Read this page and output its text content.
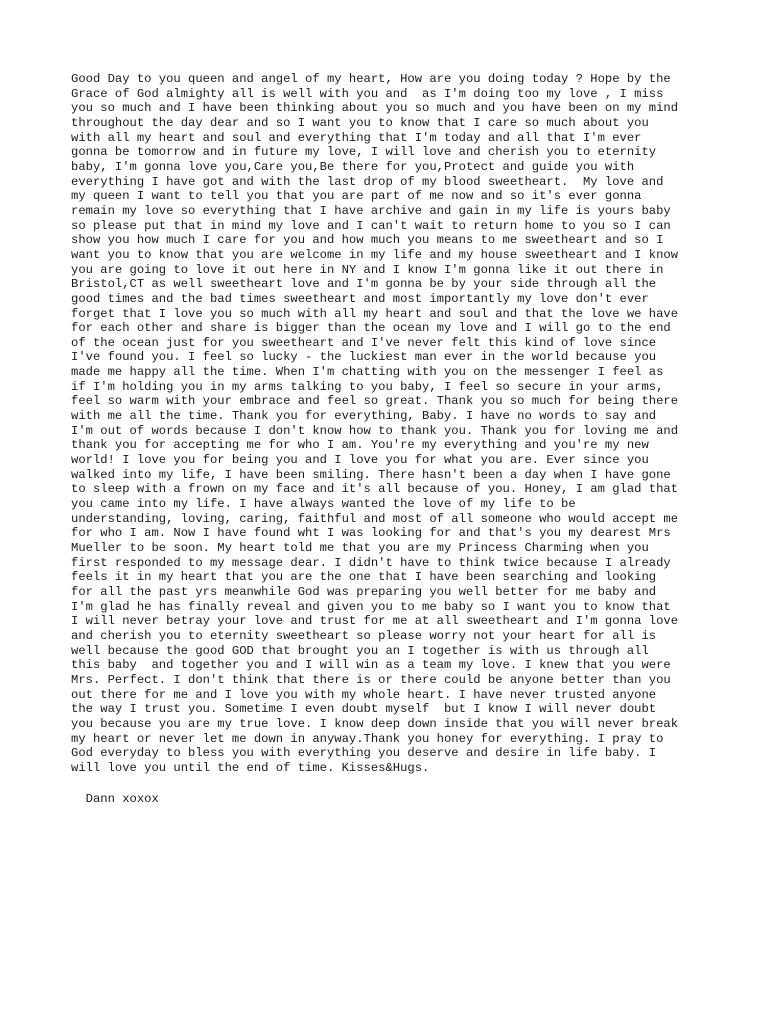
Good Day to you queen and angel of my heart, How are you doing today ? Hope by the
Grace of God almighty all is well with you and  as I'm doing too my love , I miss
you so much and I have been thinking about you so much and you have been on my mind
throughout the day dear and so I want you to know that I care so much about you
with all my heart and soul and everything that I'm today and all that I'm ever
gonna be tomorrow and in future my love, I will love and cherish you to eternity
baby, I'm gonna love you,Care you,Be there for you,Protect and guide you with
everything I have got and with the last drop of my blood sweetheart.  My love and
my queen I want to tell you that you are part of me now and so it's ever gonna
remain my love so everything that I have archive and gain in my life is yours baby
so please put that in mind my love and I can't wait to return home to you so I can
show you how much I care for you and how much you means to me sweetheart and so I
want you to know that you are welcome in my life and my house sweetheart and I know
you are going to love it out here in NY and I know I'm gonna like it out there in
Bristol,CT as well sweetheart love and I'm gonna be by your side through all the
good times and the bad times sweetheart and most importantly my love don't ever
forget that I love you so much with all my heart and soul and that the love we have
for each other and share is bigger than the ocean my love and I will go to the end
of the ocean just for you sweetheart and I've never felt this kind of love since
I've found you. I feel so lucky - the luckiest man ever in the world because you
made me happy all the time. When I'm chatting with you on the messenger I feel as
if I'm holding you in my arms talking to you baby, I feel so secure in your arms,
feel so warm with your embrace and feel so great. Thank you so much for being there
with me all the time. Thank you for everything, Baby. I have no words to say and
I'm out of words because I don't know how to thank you. Thank you for loving me and
thank you for accepting me for who I am. You're my everything and you're my new
world! I love you for being you and I love you for what you are. Ever since you
walked into my life, I have been smiling. There hasn't been a day when I have gone
to sleep with a frown on my face and it's all because of you. Honey, I am glad that
you came into my life. I have always wanted the love of my life to be
understanding, loving, caring, faithful and most of all someone who would accept me
for who I am. Now I have found wht I was looking for and that's you my dearest Mrs
Mueller to be soon. My heart told me that you are my Princess Charming when you
first responded to my message dear. I didn't have to think twice because I already
feels it in my heart that you are the one that I have been searching and looking
for all the past yrs meanwhile God was preparing you well better for me baby and
I'm glad he has finally reveal and given you to me baby so I want you to know that
I will never betray your love and trust for me at all sweetheart and I'm gonna love
and cherish you to eternity sweetheart so please worry not your heart for all is
well because the good GOD that brought you an I together is with us through all
this baby  and together you and I will win as a team my love. I knew that you were
Mrs. Perfect. I don't think that there is or there could be anyone better than you
out there for me and I love you with my whole heart. I have never trusted anyone
the way I trust you. Sometime I even doubt myself  but I know I will never doubt
you because you are my true love. I know deep down inside that you will never break
my heart or never let me down in anyway.Thank you honey for everything. I pray to
God everyday to bless you with everything you deserve and desire in life baby. I
will love you until the end of time. Kisses&Hugs.

Dann xoxox
